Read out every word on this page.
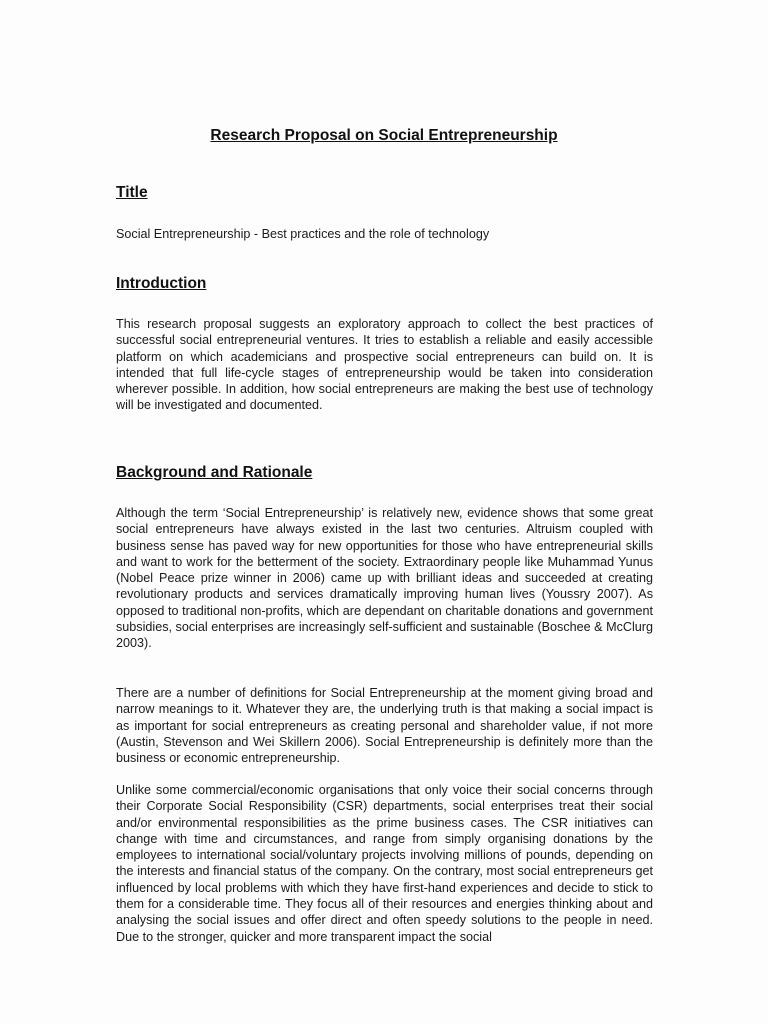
Research Proposal on Social Entrepreneurship
Title

Social Entrepreneurship - Best practices and the role of technology

Introduction

This research proposal suggests an exploratory approach to collect the best practices of successful social entrepreneurial ventures. It tries to establish a reliable and easily accessible platform on which academicians and prospective social entrepreneurs can build on. It is intended that full life-cycle stages of entrepreneurship would be taken into consideration wherever possible. In addition, how social entrepreneurs are making the best use of technology will be investigated and documented.

Background and Rationale

Although the term ‘Social Entrepreneurship’ is relatively new, evidence shows that some great social entrepreneurs have always existed in the last two centuries. Altruism coupled with business sense has paved way for new opportunities for those who have entrepreneurial skills and want to work for the betterment of the society. Extraordinary people like Muhammad Yunus (Nobel Peace prize winner in 2006) came up with brilliant ideas and succeeded at creating revolutionary products and services dramatically improving human lives (Youssry 2007). As opposed to traditional non-profits, which are dependant on charitable donations and government subsidies, social enterprises are increasingly self-sufficient and sustainable (Boschee & McClurg 2003).

There are a number of definitions for Social Entrepreneurship at the moment giving broad and narrow meanings to it. Whatever they are, the underlying truth is that making a social impact is as important for social entrepreneurs as creating personal and shareholder value, if not more (Austin, Stevenson and Wei Skillern 2006). Social Entrepreneurship is definitely more than the business or economic entrepreneurship.

Unlike some commercial/economic organisations that only voice their social concerns through their Corporate Social Responsibility (CSR) departments, social enterprises treat their social and/or environmental responsibilities as the prime business cases. The CSR initiatives can change with time and circumstances, and range from simply organising donations by the employees to international social/voluntary projects involving millions of pounds, depending on the interests and financial status of the company. On the contrary, most social entrepreneurs get influenced by local problems with which they have first-hand experiences and decide to stick to them for a considerable time. They focus all of their resources and energies thinking about and analysing the social issues and offer direct and often speedy solutions to the people in need. Due to the stronger, quicker and more transparent impact the social
